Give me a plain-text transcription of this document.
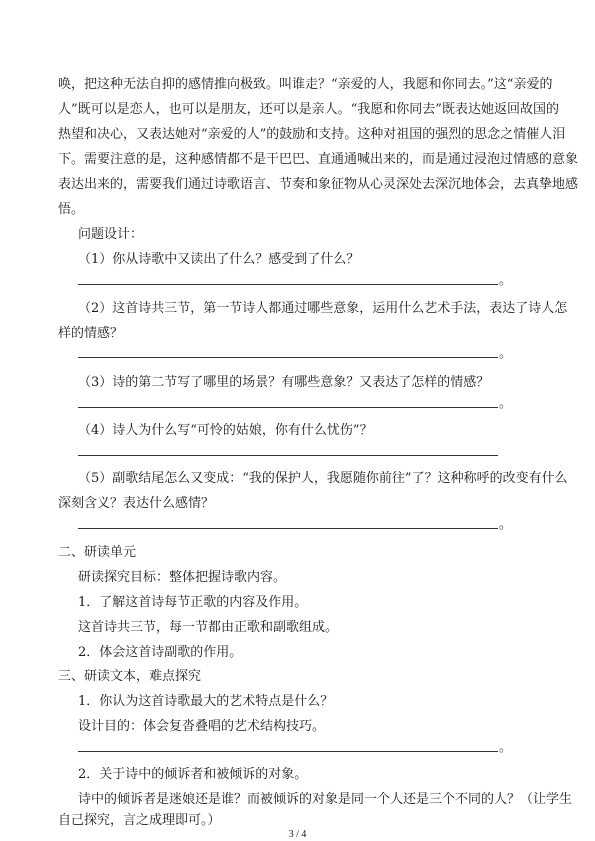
唤，把这种无法自抑的感情推向极致。叫谁走？“亲爱的人，我愿和你同去。”这“亲爱的
人”既可以是恋人，也可以是朋友，还可以是亲人。“我愿和你同去”既表达她返回故国的
热望和决心，又表达她对“亲爱的人”的鼓励和支持。这种对祖国的强烈的思念之情催人泪
下。需要注意的是，这种感情都不是干巴巴、直通通喊出来的，而是通过浸泡过情感的意象
表达出来的，需要我们通过诗歌语言、节奏和象征物从心灵深处去深沉地体会，去真挚地感
悟。
问题设计：
（1）你从诗歌中又读出了什么？感受到了什么？
。
（2）这首诗共三节，第一节诗人都通过哪些意象，运用什么艺术手法，表达了诗人怎
样的情感？
。
（3）诗的第二节写了哪里的场景？有哪些意象？又表达了怎样的情感？
。
（4）诗人为什么写“可怜的姑娘，你有什么忧伤”？
（5）副歌结尾怎么又变成：“我的保护人，我愿随你前往”了？这种称呼的改变有什么
深刻含义？表达什么感情？
。
二、研读单元
研读探究目标：整体把握诗歌内容。
1．了解这首诗每节正歌的内容及作用。
这首诗共三节，每一节都由正歌和副歌组成。
2．体会这首诗副歌的作用。
三、研读文本，难点探究
1．你认为这首诗歌最大的艺术特点是什么？
设计目的：体会复沓叠唱的艺术结构技巧。
。
2．关于诗中的倾诉者和被倾诉的对象。
诗中的倾诉者是迷娘还是谁？而被倾诉的对象是同一个人还是三个不同的人？（让学生
自己探究，言之成理即可。）
3 / 4
